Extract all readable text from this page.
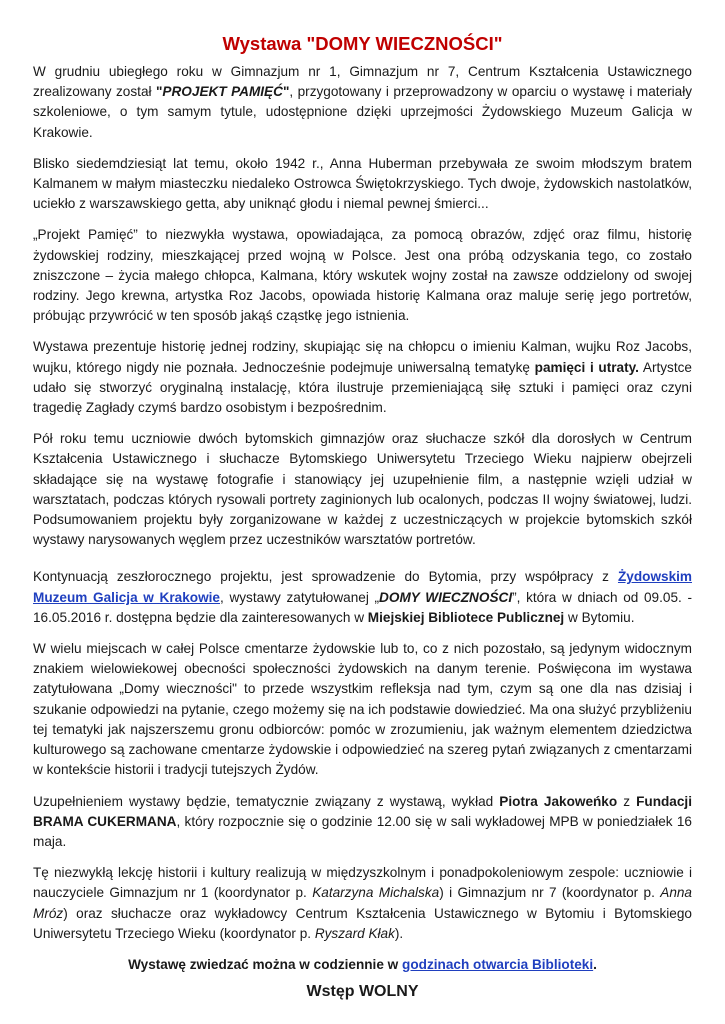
Wystawa "DOMY WIECZNOŚCI"

W grudniu ubiegłego roku w Gimnazjum nr 1, Gimnazjum nr 7, Centrum Kształcenia Ustawicznego zrealizowany został "PROJEKT PAMIĘĆ", przygotowany i przeprowadzony w oparciu o wystawę i materiały szkoleniowe, o tym samym tytule, udostępnione dzięki uprzejmości Żydowskiego Muzeum Galicja w Krakowie.

Blisko siedemdziesiąt lat temu, około 1942 r., Anna Huberman przebywała ze swoim młodszym bratem Kalmanem w małym miasteczku niedaleko Ostrowca Świętokrzyskiego. Tych dwoje, żydowskich nastolatków, uciekło z warszawskiego getta, aby uniknąć głodu i niemal pewnej śmierci...

„Projekt Pamięć” to niezwykła wystawa, opowiadająca, za pomocą obrazów, zdjęć oraz filmu, historię żydowskiej rodziny, mieszkającej przed wojną w Polsce. Jest ona próbą odzyskania tego, co zostało zniszczone – życia małego chłopca, Kalmana, który wskutek wojny został na zawsze oddzielony od swojej rodziny. Jego krewna, artystka Roz Jacobs, opowiada historię Kalmana oraz maluje serię jego portretów, próbując przywrócić w ten sposób jakąś cząstkę jego istnienia.

Wystawa prezentuje historię jednej rodziny, skupiając się na chłopcu o imieniu Kalman, wujku Roz Jacobs, wujku, którego nigdy nie poznała. Jednocześnie podejmuje uniwersalną tematykę pamięci i utraty. Artystce udało się stworzyć oryginalną instalację, która ilustruje przemieniającą siłę sztuki i pamięci oraz czyni tragedię Zagłady czymś bardzo osobistym i bezpośrednim.

Pół roku temu uczniowie dwóch bytomskich gimnazjów oraz słuchacze szkół dla dorosłych w Centrum Kształcenia Ustawicznego i słuchacze Bytomskiego Uniwersytetu Trzeciego Wieku najpierw obejrzeli składające się na wystawę fotografie i stanowiący jej uzupełnienie film, a następnie wzięli udział w warsztatach, podczas których rysowali portrety zaginionych lub ocalonych, podczas II wojny światowej, ludzi. Podsumowaniem projektu były zorganizowane w każdej z uczestniczących w projekcie bytomskich szkół wystawy narysowanych węglem przez uczestników warsztatów portretów.

Kontynuacją zeszłorocznego projektu, jest sprowadzenie do Bytomia, przy współpracy z Żydowskim Muzeum Galicja w Krakowie, wystawy zatytułowanej „DOMY WIECZNOŚCI”, która w dniach od 09.05. - 16.05.2016 r. dostępna będzie dla zainteresowanych w Miejskiej Bibliotece Publicznej w Bytomiu.

W wielu miejscach w całej Polsce cmentarze żydowskie lub to, co z nich pozostało, są jedynym widocznym znakiem wielowiekowej obecności społeczności żydowskich na danym terenie. Poświęcona im wystawa zatytułowana „Domy wieczności" to przede wszystkim refleksja nad tym, czym są one dla nas dzisiaj i szukanie odpowiedzi na pytanie, czego możemy się na ich podstawie dowiedzieć. Ma ona służyć przybliżeniu tej tematyki jak najszerszemu gronu odbiorców: pomóc w zrozumieniu, jak ważnym elementem dziedzictwa kulturowego są zachowane cmentarze żydowskie i odpowiedzieć na szereg pytań związanych z cmentarzami w kontekście historii i tradycji tutejszych Żydów.

Uzupełnieniem wystawy będzie, tematycznie związany z wystawą, wykład Piotra Jakoweńko z Fundacji BRAMA CUKERMANA, który rozpocznie się o godzinie 12.00 się w sali wykładowej MPB w poniedziałek 16 maja.

Tę niezwykłą lekcję historii i kultury realizują w międzyszkolnym i ponadpokoleniowym zespole: uczniowie i nauczyciele Gimnazjum nr 1 (koordynator p. Katarzyna Michalska) i Gimnazjum nr 7 (koordynator p. Anna Mróz) oraz słuchacze oraz wykładowcy Centrum Kształcenia Ustawicznego w Bytomiu i Bytomskiego Uniwersytetu Trzeciego Wieku (koordynator p. Ryszard Kłak).

Wystawę zwiedzać można w codziennie w godzinach otwarcia Biblioteki.

Wstęp WOLNY
